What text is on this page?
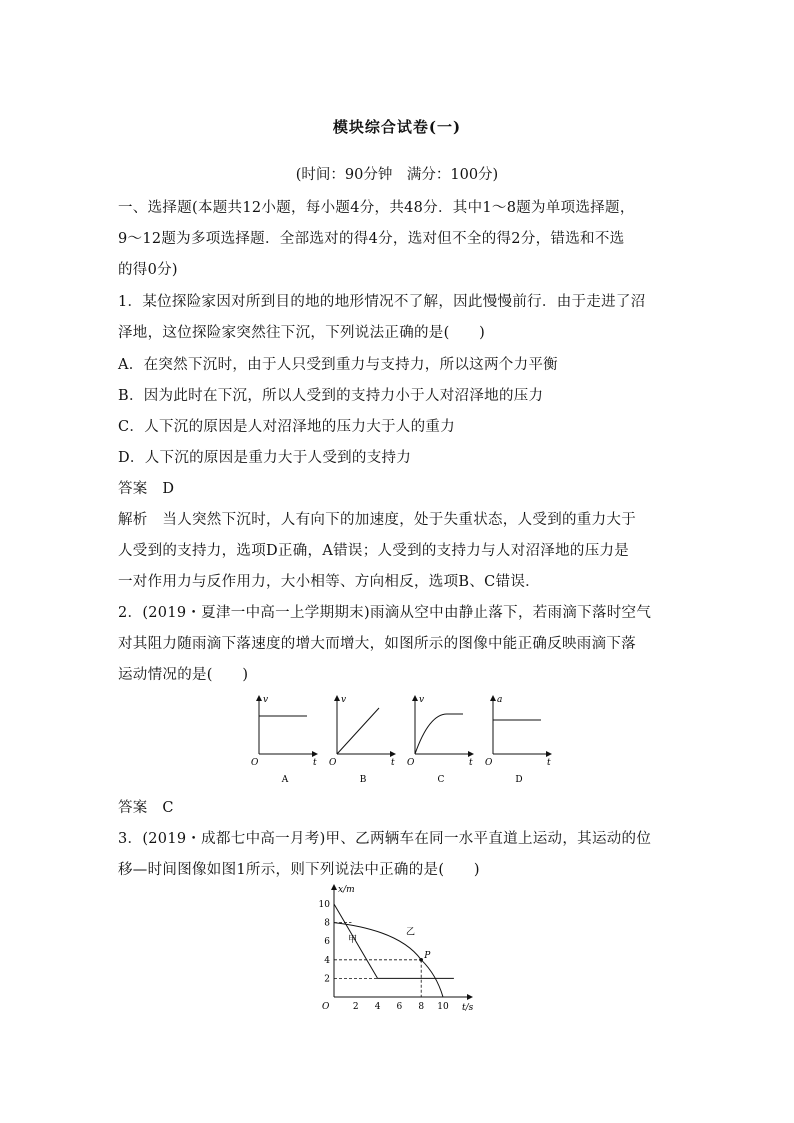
模块综合试卷(一)
(时间：90分钟　满分：100分)
一、选择题(本题共12小题，每小题4分，共48分．其中1～8题为单项选择题，
9～12题为多项选择题．全部选对的得4分，选对但不全的得2分，错选和不选
的得0分)
1．某位探险家因对所到目的地的地形情况不了解，因此慢慢前行．由于走进了沼
泽地，这位探险家突然往下沉，下列说法正确的是(　　)
A．在突然下沉时，由于人只受到重力与支持力，所以这两个力平衡
B．因为此时在下沉，所以人受到的支持力小于人对沼泽地的压力
C．人下沉的原因是人对沼泽地的压力大于人的重力
D．人下沉的原因是重力大于人受到的支持力
答案　D
解析　当人突然下沉时，人有向下的加速度，处于失重状态，人受到的重力大于
人受到的支持力，选项D正确，A错误；人受到的支持力与人对沼泽地的压力是
一对作用力与反作用力，大小相等、方向相反，选项B、C错误．
2．(2019・夏津一中高一上学期期末)雨滴从空中由静止落下，若雨滴下落时空气
对其阻力随雨滴下落速度的增大而增大，如图所示的图像中能正确反映雨滴下落
运动情况的是(　　)
v
t
O
A
v
t
O
B
v
t
O
C
a
t
O
D
答案　C
3．(2019・成都七中高一月考)甲、乙两辆车在同一水平直道上运动，其运动的位
移—时间图像如图1所示，则下列说法中正确的是(　　)
x/m
t/s
O	2 4 6 8 10
2
4
6
8
10
甲
乙
P
